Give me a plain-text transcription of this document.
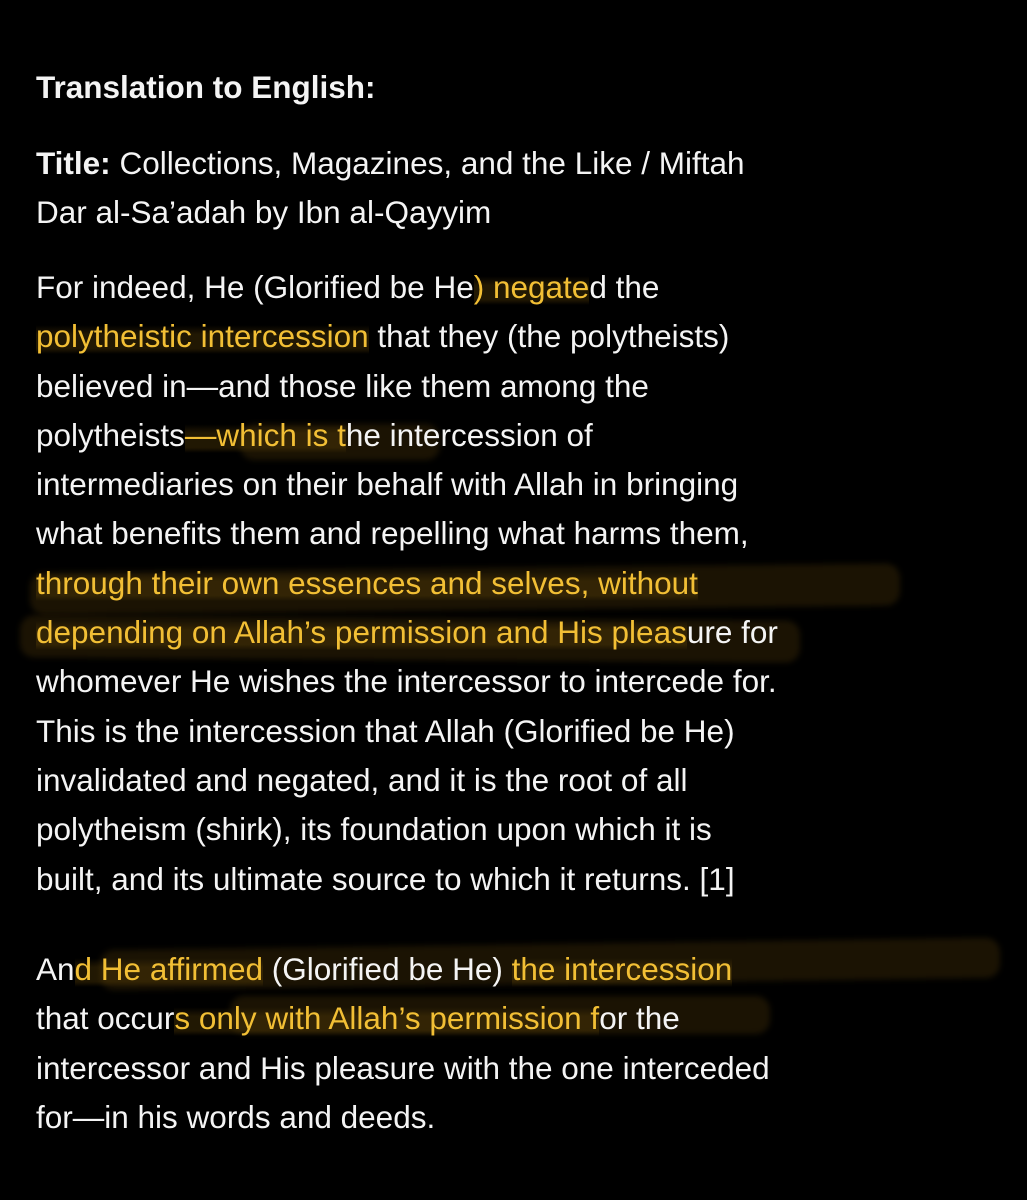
Translation to English:
Title: Collections, Magazines, and the Like / Miftah
Dar al-Sa’adah by Ibn al-Qayyim
For indeed, He (Glorified be He) negated the
polytheistic intercession that they (the polytheists)
believed in—and those like them among the
polytheists—which is the intercession of
intermediaries on their behalf with Allah in bringing
what benefits them and repelling what harms them,
through their own essences and selves, without
depending on Allah’s permission and His pleasure for
whomever He wishes the intercessor to intercede for.
This is the intercession that Allah (Glorified be He)
invalidated and negated, and it is the root of all
polytheism (shirk), its foundation upon which it is
built, and its ultimate source to which it returns. [1]
And He affirmed (Glorified be He) the intercession
that occurs only with Allah’s permission for the
intercessor and His pleasure with the one interceded
for—in his words and deeds.
